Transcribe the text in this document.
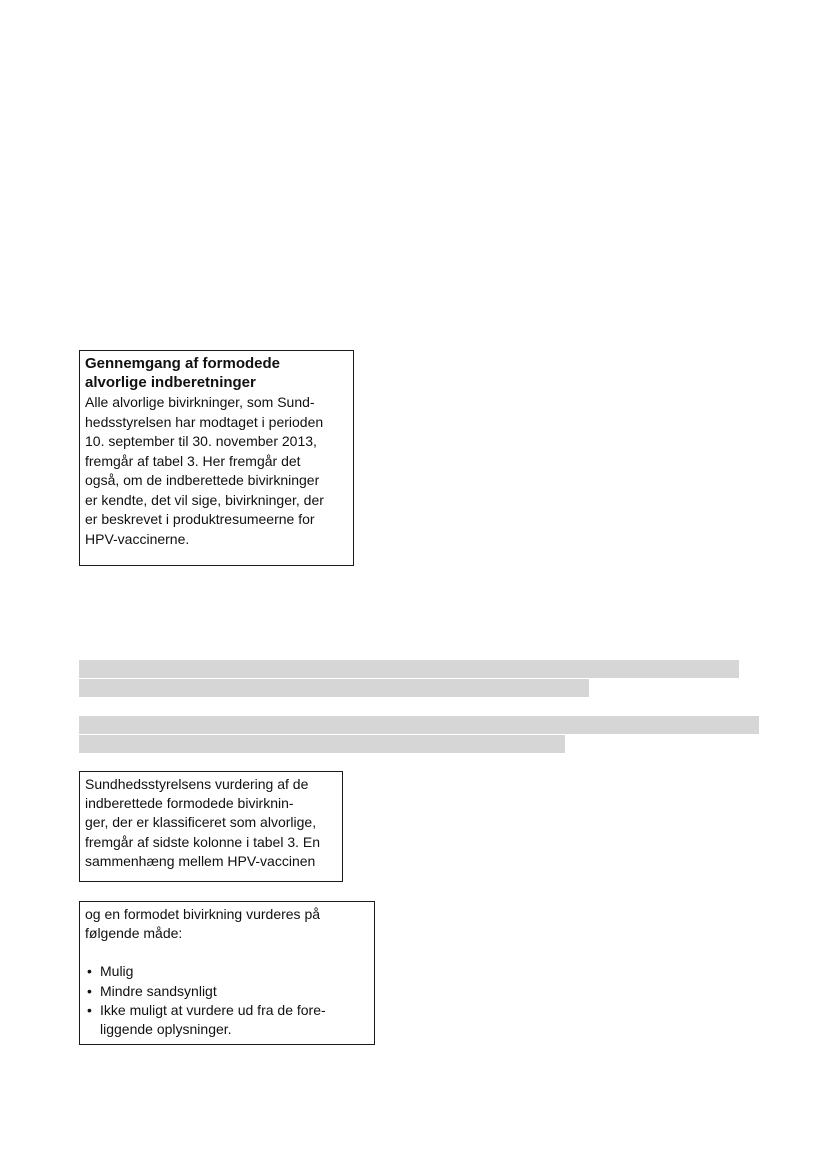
Gennemgang af formodede
alvorlige indberetninger

Alle alvorlige bivirkninger, som Sund-
hedsstyrelsen har modtaget i perioden
10. september til 30. november 2013,
fremgår af tabel 3. Her fremgår det
også, om de indberettede bivirkninger
er kendte, det vil sige, bivirkninger, der
er beskrevet i produktresumeerne for
HPV-vaccinerne.

Sundhedsstyrelsens vurdering af de
indberettede formodede bivirknin-
ger, der er klassificeret som alvorlige,
fremgår af sidste kolonne i tabel 3. En
sammenhæng mellem HPV-vaccinen

og en formodet bivirkning vurderes på
følgende måde:

• Mulig
• Mindre sandsynligt
• Ikke muligt at vurdere ud fra de fore-
liggende oplysninger.
